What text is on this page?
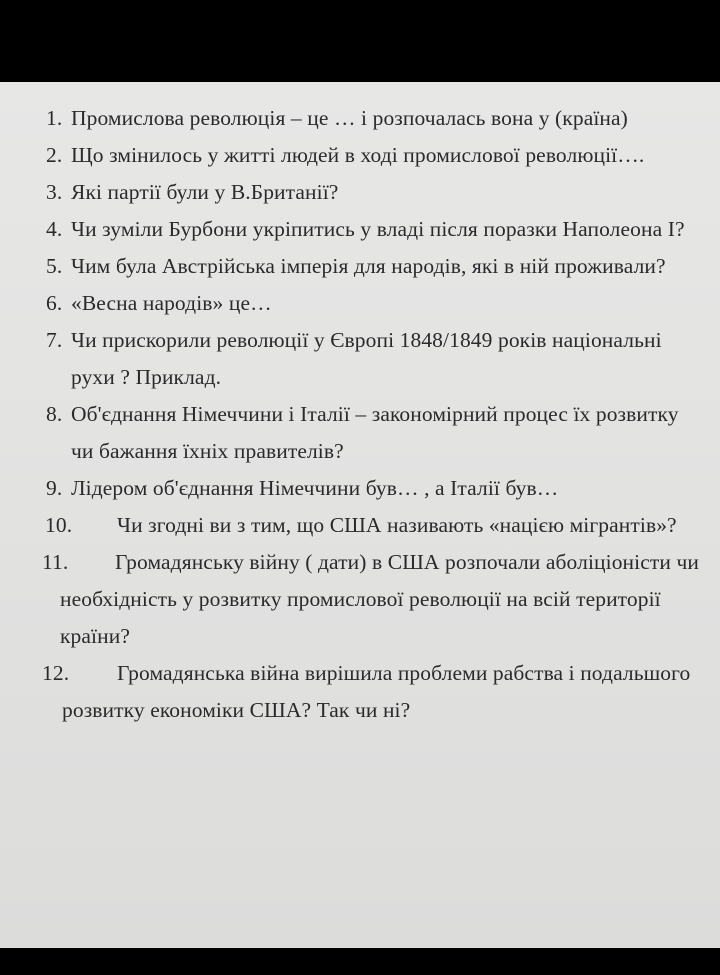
1. Промислова революція – це … і розпочалась вона у (країна)
2. Що змінилось у житті людей в ході промислової революції….
3. Які партії були у В.Британії?
4. Чи зуміли Бурбони укріпитись у владі після поразки Наполеона І?
5. Чим була Австрійська імперія для народів, які в ній проживали?
6. «Весна народів» це…
7. Чи прискорили революції у Європі 1848/1849 років національні рухи ? Приклад.
8. Об'єднання Німеччини і Італії – закономірний процес їх розвитку чи бажання їхніх правителів?
9. Лідером об'єднання Німеччини був… , а Італії був…
10.	Чи згодні ви з тим, що США називають «нацією мігрантів»?
11.	Громадянську війну ( дати) в США розпочали аболіціоністи чи необхідність у розвитку промислової революції на всій території країни?
12.	Громадянська війна вирішила проблеми рабства і подальшого розвитку економіки США? Так чи ні?
